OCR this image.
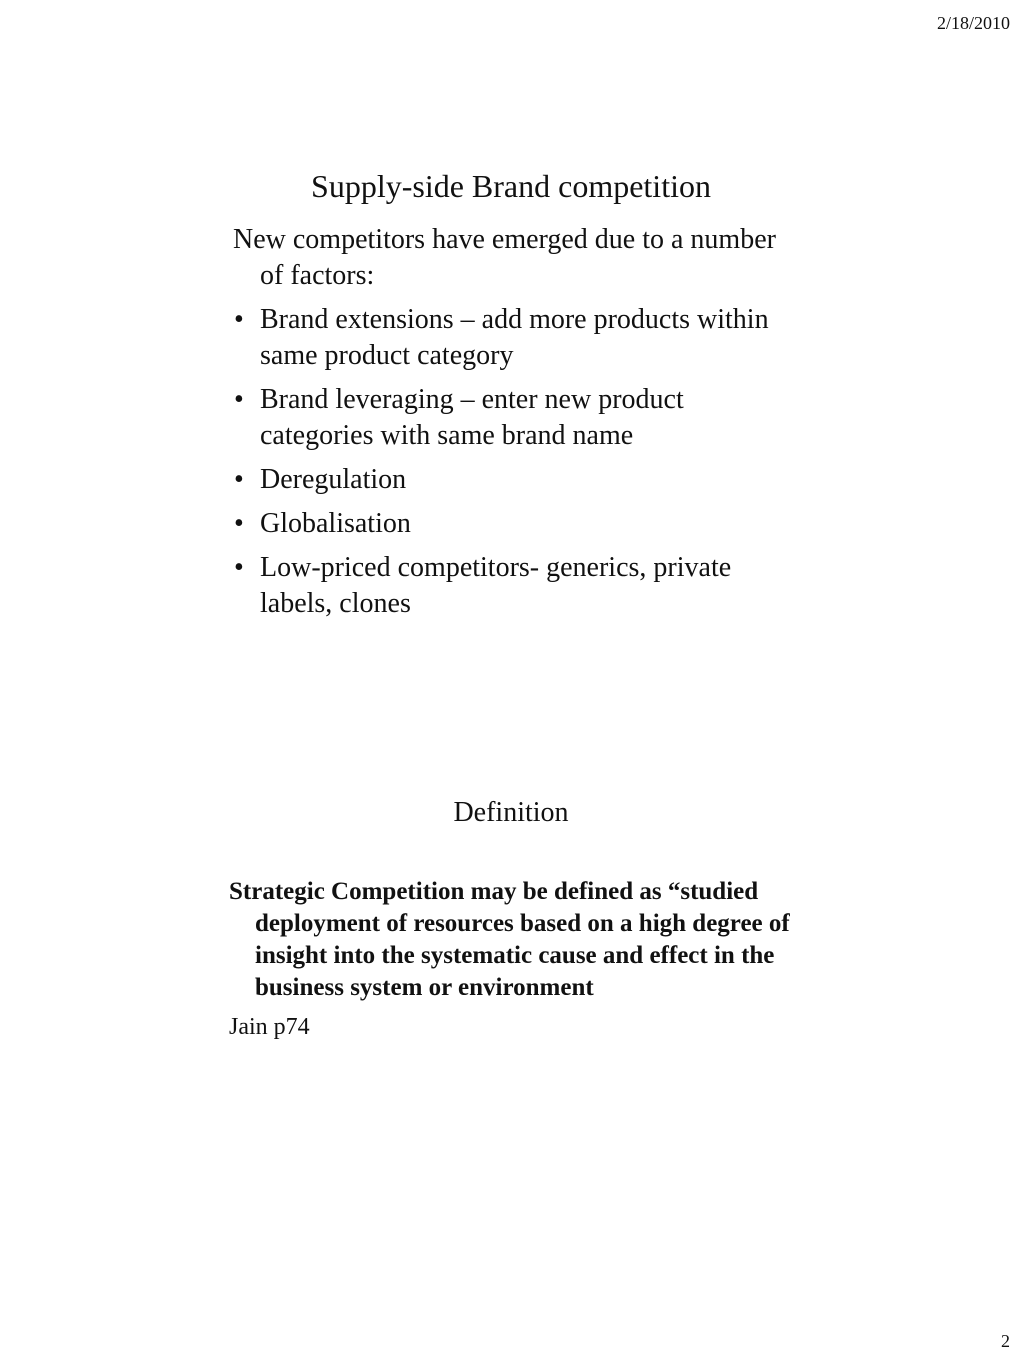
2/18/2010
Supply-side Brand competition

New competitors have emerged due to a number of factors:

• Brand extensions – add more products within same product category
• Brand leveraging – enter new product categories with same brand name
• Deregulation
• Globalisation
• Low-priced competitors- generics, private labels, clones
Definition

Strategic Competition may be defined as “studied deployment of resources based on a high degree of insight into the systematic cause and effect in the business system or environment

Jain p74

2
